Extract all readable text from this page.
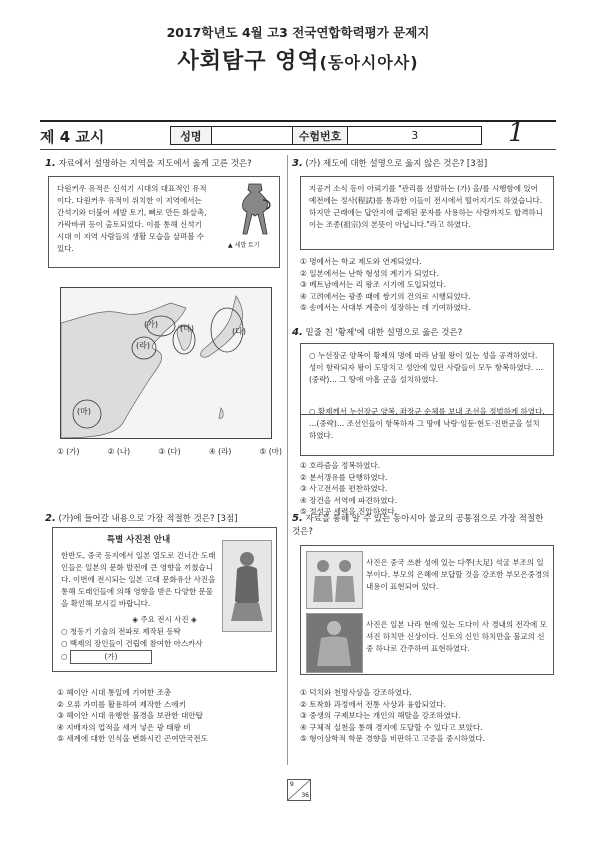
2017학년도 4월 고3 전국연합학력평가 문제지
사회탐구 영역(동아시아사)
제 4 교시	성명	수험번호	3	1
1. 자료에서 설명하는 지역을 지도에서 옳게 고른 것은?
다원커우 유적은 신석기 시대의 대표적인 유적이다. 다원커우 유적이 위치한 이 지역에서는 간석기와 더불어 세발 토기, 뼈로 만든 화살촉, 가락바퀴 등이 출토되었다. 이를 통해 신석기 시대 이 지역 사람들의 생활 모습을 살펴볼 수 있다.	▲ 세발 토기
(가)	(나)	(다)
(라)
(마)
① (가)	② (나)	③ (다)	④ (라)	⑤ (마)
2. (가)에 들어갈 내용으로 가장 적절한 것은? [3점]
특별 사진전 안내
한반도, 중국 등지에서 일본 열도로 건너간 도래인들은 일본의 문화 발전에 큰 영향을 끼쳤습니다. 이번에 전시되는 일본 고대 문화유산 사진을 통해 도래인들에 의해 영향을 받은 다양한 문물을 확인해 보시길 바랍니다.
◈ 주요 전시 사진 ◈
○ 청동기 기술의 전파로 제작된 동탁
○ 백제의 장인들이 건립에 참여한 아스카사
○	(가)
① 헤이안 시대 통일에 기여한 조총
② 오류 가미를 활용하여 제작한 스에키
③ 헤이안 시대 유행한 불경을 보관한 대안탑
④ 지배자의 업적을 새겨 넣은 광 태왕 비
⑤ 세계에 대한 인식을 변화시킨 곤여만국전도
3. (가) 제도에 대한 설명으로 옳지 않은 것은? [3점]
지공거 소식 등이 아뢰기를 "관리를 선발하는 (가) 을/를 시행함에 있어 예전에는 정사(程試)를 통과한 이들이 전시에서 떨어지기도 하였습니다. 하지만 근래에는 답안지에 급제된 문자를 사용하는 사람까지도 합격하니 이는 조종(祖宗)의 본뜻이 아닙니다."라고 하였다.
① 명에서는 학교 제도와 연계되었다.
② 일본에서는 난학 형성의 계기가 되었다.
③ 베트남에서는 리 왕조 시기에 도입되었다.
④ 고려에서는 광종 때에 쌍기의 건의로 시행되었다.
⑤ 송에서는 사대부 계층이 성장하는 데 기여하였다.
4. 밑줄 친 '황제'에 대한 설명으로 옳은 것은?
○ 누선장군 양복이 황제의 명에 따라 남월 왕이 있는 성을 공격하였다. 성이 함락되자 왕이 도망치고 성안에 있던 사람들이 모두 항복하였다. …(중략)… 그 땅에 아홉 군을 설치하였다.
○ 황제께서 누선장군 양복, 좌장군 순체를 보내 조선을 정벌하게 하였다. …(중략)… 조선인들이 항복하자 그 땅에 낙랑·임둔·현도·진번군을 설치하였다.
① 호라즘을 정복하였다.
② 분서갱유를 단행하였다.
③ 사고전서를 편찬하였다.
④ 장건을 서역에 파견하였다.
⑤ 정성공 세력을 진압하였다.
5. 자료를 통해 알 수 있는 동아시아 불교의 공통점으로 가장 적절한 것은?
사진은 중국 쓰촨 성에 있는 다쭈(大足) 석굴 부조의 일부이다. 부모의 은혜에 보답할 것을 강조한 부모은중경의 내용이 표현되어 있다.
사진은 일본 나라 현에 있는 도다이 사 경내의 전각에 모셔진 하치만 신상이다. 신토의 신인 하치만을 불교의 신 중 하나로 간주하여 표현하였다.
① 덕치와 천명사상을 강조하였다.
② 토착화 과정에서 전통 사상과 융합되었다.
③ 중생의 구제보다는 개인의 해탈을 강조하였다.
④ 구체적 실천을 통해 경지에 도달할 수 있다고 보았다.
⑤ 형이상학적 학문 경향을 비판하고 고증을 중시하였다.
9
36
